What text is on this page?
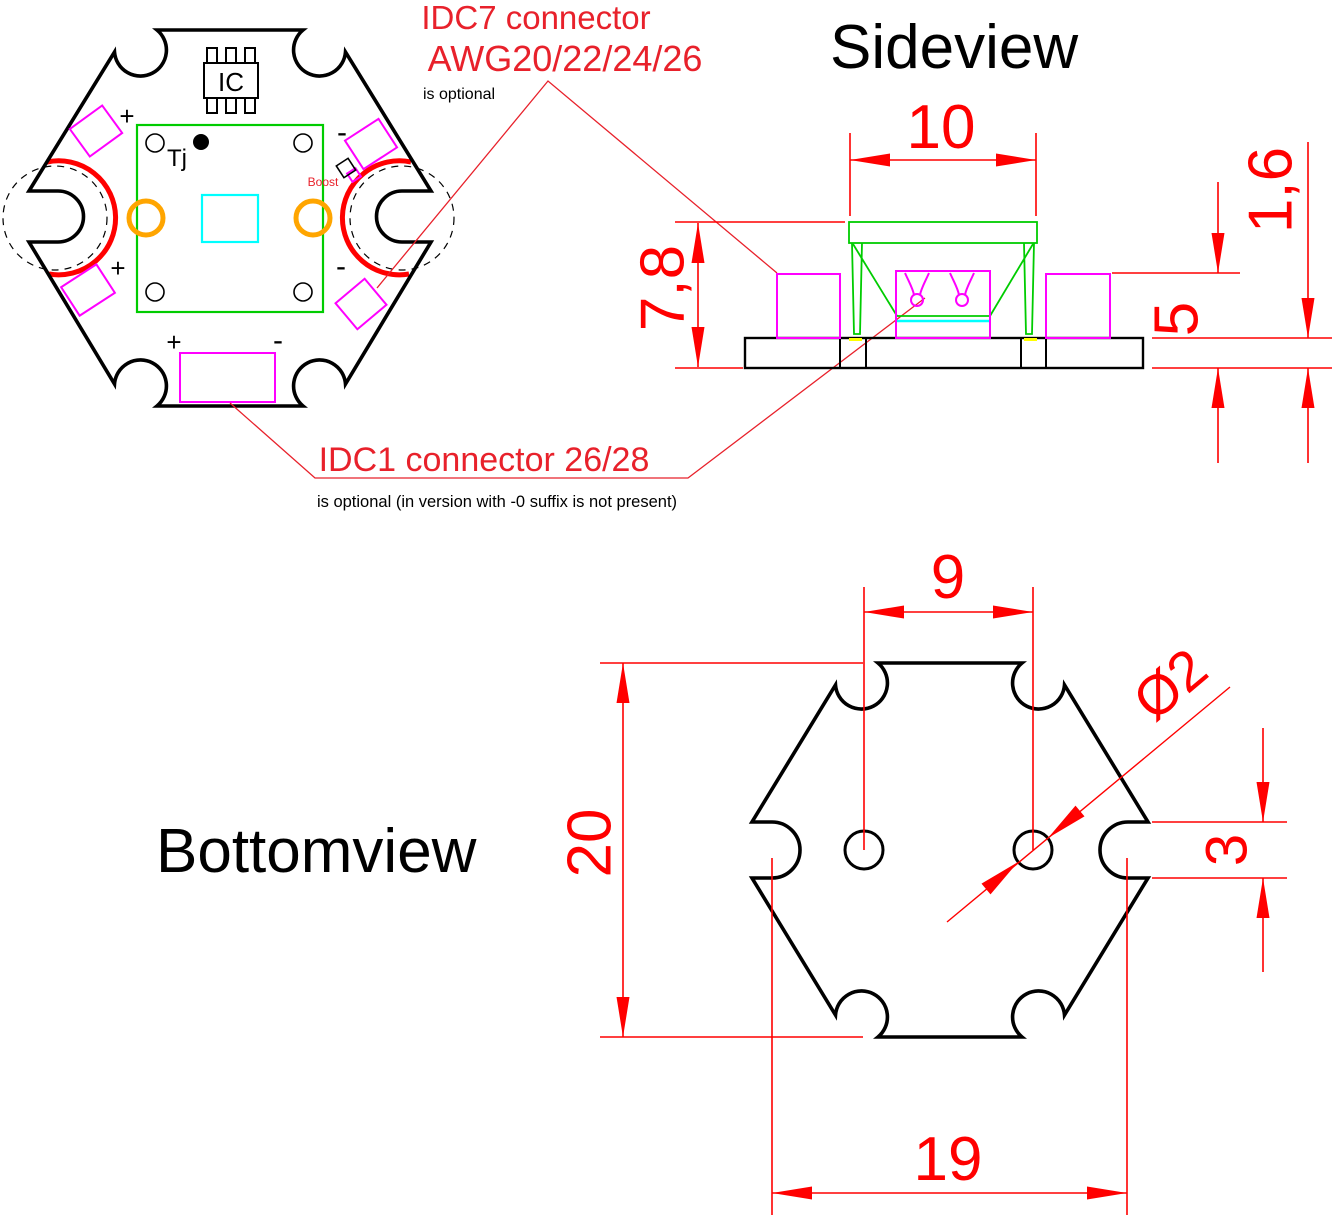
IC
Tj
Boost
+	-
+	-
+	-
IDC7 connector
AWG20/22/24/26
is optional
IDC1 connector 26/28
is optional (in version with -0 suffix is not present)
Sideview
10
7,8	5
1,6
Bottomview
9
20
19
3
Ø2
